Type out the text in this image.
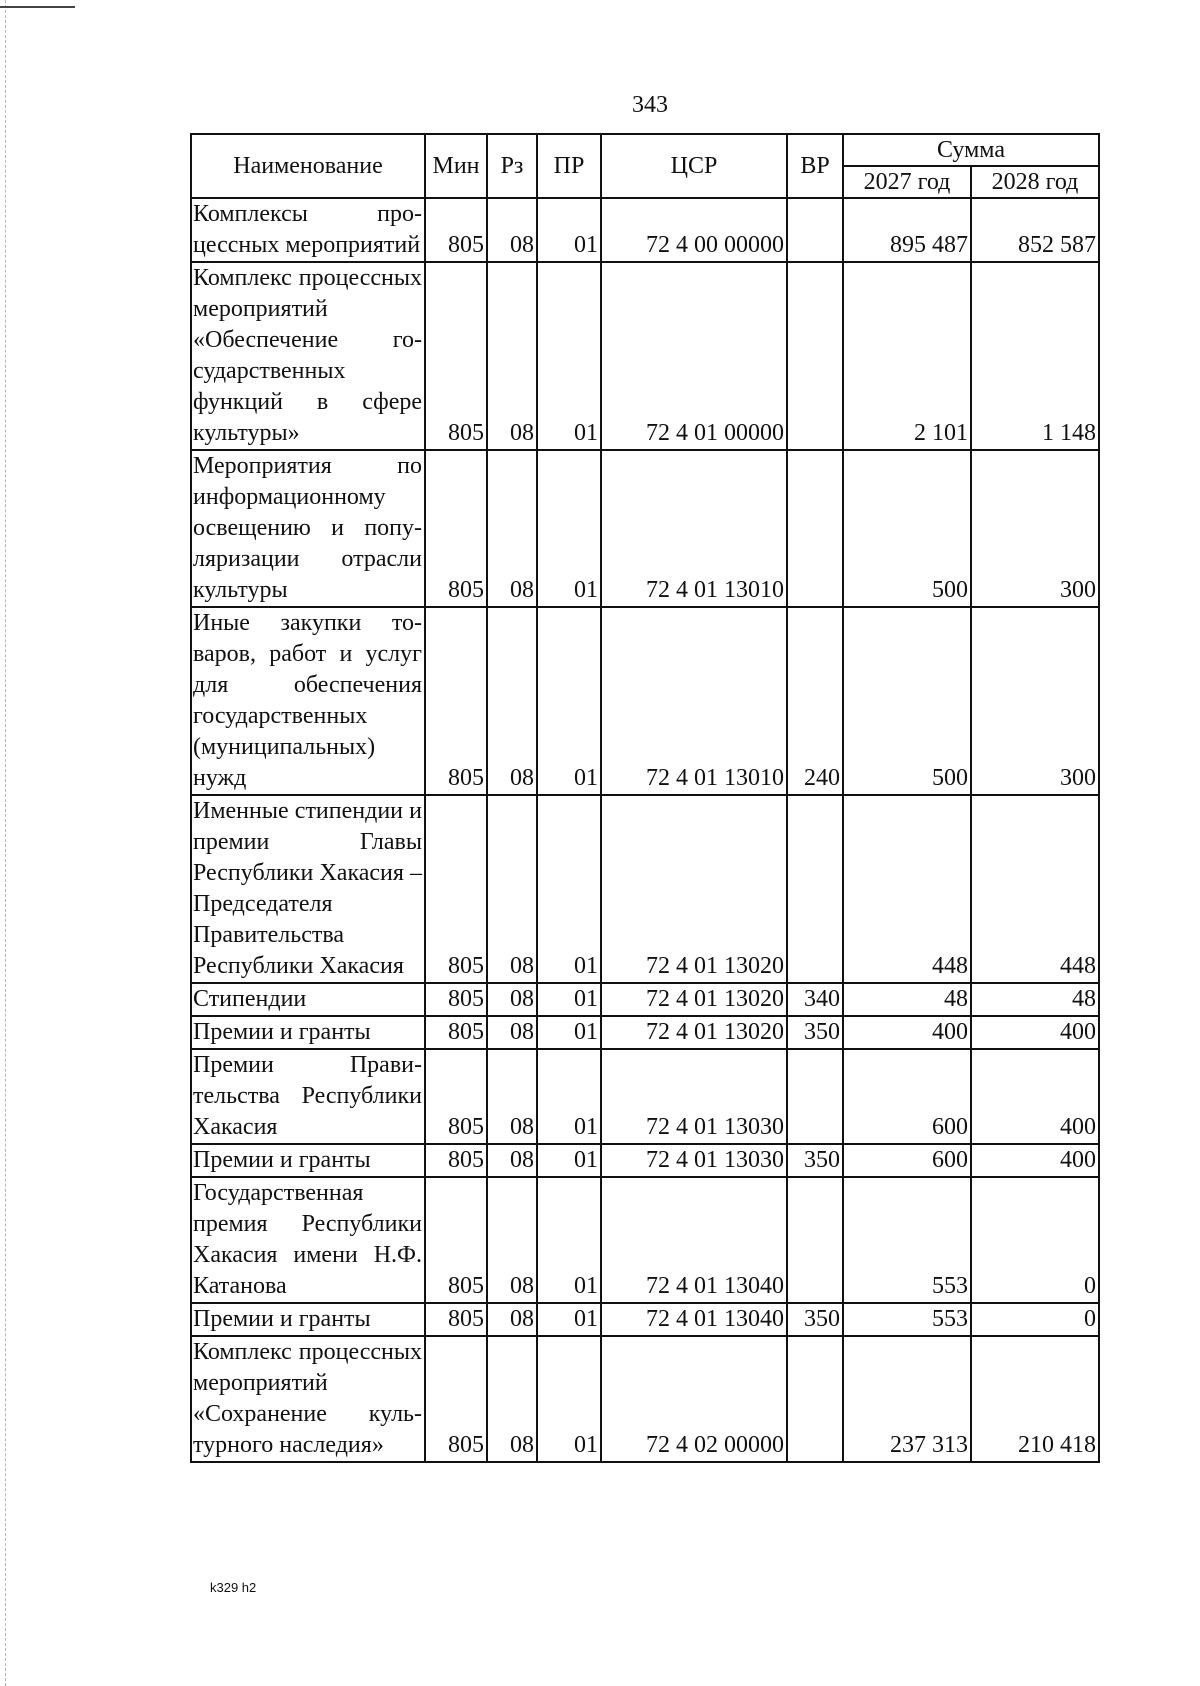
343
Наименование	Мин	Рз	ПР	ЦСР	ВР	Сумма	
						2027 год	2028 год
Комплексы процессных мероприятий	805	08	01	72 4 00 00000		895 487	852 587
Комплекс процессных мероприятий «Обеспечение государственных функций в сфере культуры»	805	08	01	72 4 01 00000		2 101	1 148
Мероприятия по информационному освещению и популяризации отрасли культуры	805	08	01	72 4 01 13010		500	300
Иные закупки товаров, работ и услуг для обеспечения государственных (муниципальных) нужд	805	08	01	72 4 01 13010	240	500	300
Именные стипендии и премии Главы Республики Хакасия – Председателя Правительства Республики Хакасия	805	08	01	72 4 01 13020		448	448
Стипендии	805	08	01	72 4 01 13020	340	48	48
Премии и гранты	805	08	01	72 4 01 13020	350	400	400
Премии Правительства Республики Хакасия	805	08	01	72 4 01 13030		600	400
Премии и гранты	805	08	01	72 4 01 13030	350	600	400
Государственная премия Республики Хакасия имени Н.Ф. Катанова	805	08	01	72 4 01 13040		553	0
Премии и гранты	805	08	01	72 4 01 13040	350	553	0
Комплекс процессных мероприятий «Сохранение культурного наследия»	805	08	01	72 4 02 00000		237 313	210 418
k329 h2
